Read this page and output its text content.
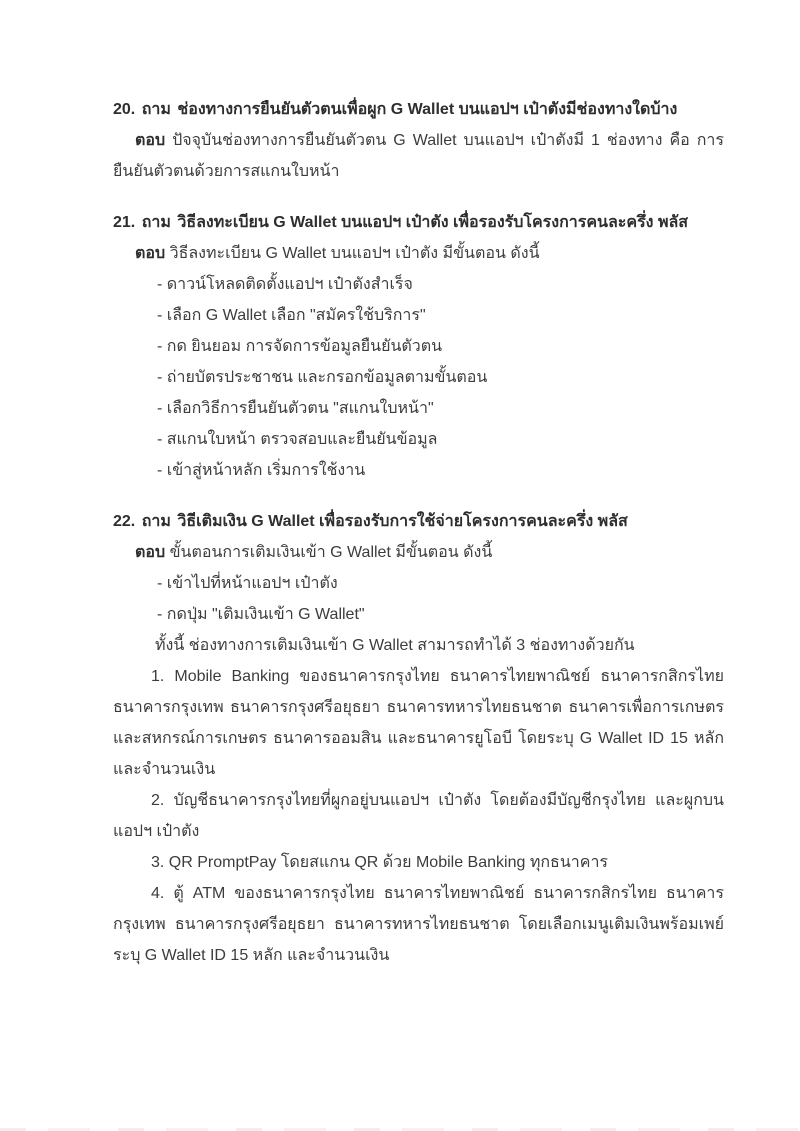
20. ถาม ช่องทางการยืนยันตัวตนเพื่อผูก G Wallet บนแอปฯ เป๋าตังมีช่องทางใดบ้าง

ตอบ ปัจจุบันช่องทางการยืนยันตัวตน G Wallet บนแอปฯ เป๋าตังมี 1 ช่องทาง คือ การยืนยันตัวตนด้วยการสแกนใบหน้า

21. ถาม วิธีลงทะเบียน G Wallet บนแอปฯ เป๋าตัง เพื่อรองรับโครงการคนละครึ่ง พลัส

ตอบ วิธีลงทะเบียน G Wallet บนแอปฯ เป๋าตัง มีขั้นตอน ดังนี้

- ดาวน์โหลดติดตั้งแอปฯ เป๋าตังสำเร็จ

- เลือก G Wallet เลือก "สมัครใช้บริการ"

- กด ยินยอม การจัดการข้อมูลยืนยันตัวตน

- ถ่ายบัตรประชาชน และกรอกข้อมูลตามขั้นตอน

- เลือกวิธีการยืนยันตัวตน "สแกนใบหน้า"

- สแกนใบหน้า ตรวจสอบและยืนยันข้อมูล

- เข้าสู่หน้าหลัก เริ่มการใช้งาน

22. ถาม วิธีเติมเงิน G Wallet เพื่อรองรับการใช้จ่ายโครงการคนละครึ่ง พลัส

ตอบ ขั้นตอนการเติมเงินเข้า G Wallet มีขั้นตอน ดังนี้

- เข้าไปที่หน้าแอปฯ เป๋าตัง

- กดปุ่ม "เติมเงินเข้า G Wallet"

ทั้งนี้ ช่องทางการเติมเงินเข้า G Wallet สามารถทำได้ 3 ช่องทางด้วยกัน

1. Mobile Banking ของธนาคารกรุงไทย ธนาคารไทยพาณิชย์ ธนาคารกสิกรไทย ธนาคารกรุงเทพ ธนาคารกรุงศรีอยุธยา ธนาคารทหารไทยธนชาต ธนาคารเพื่อการเกษตรและสหกรณ์การเกษตร ธนาคารออมสิน และธนาคารยูโอบี โดยระบุ G Wallet ID 15 หลัก และจำนวนเงิน

2. บัญชีธนาคารกรุงไทยที่ผูกอยู่บนแอปฯ เป๋าตัง โดยต้องมีบัญชีกรุงไทย และผูกบนแอปฯ เป๋าตัง

3. QR PromptPay โดยสแกน QR ด้วย Mobile Banking ทุกธนาคาร

4. ตู้ ATM ของธนาคารกรุงไทย ธนาคารไทยพาณิชย์ ธนาคารกสิกรไทย ธนาคารกรุงเทพ ธนาคารกรุงศรีอยุธยา ธนาคารทหารไทยธนชาต โดยเลือกเมนูเติมเงินพร้อมเพย์ ระบุ G Wallet ID 15 หลัก และจำนวนเงิน
